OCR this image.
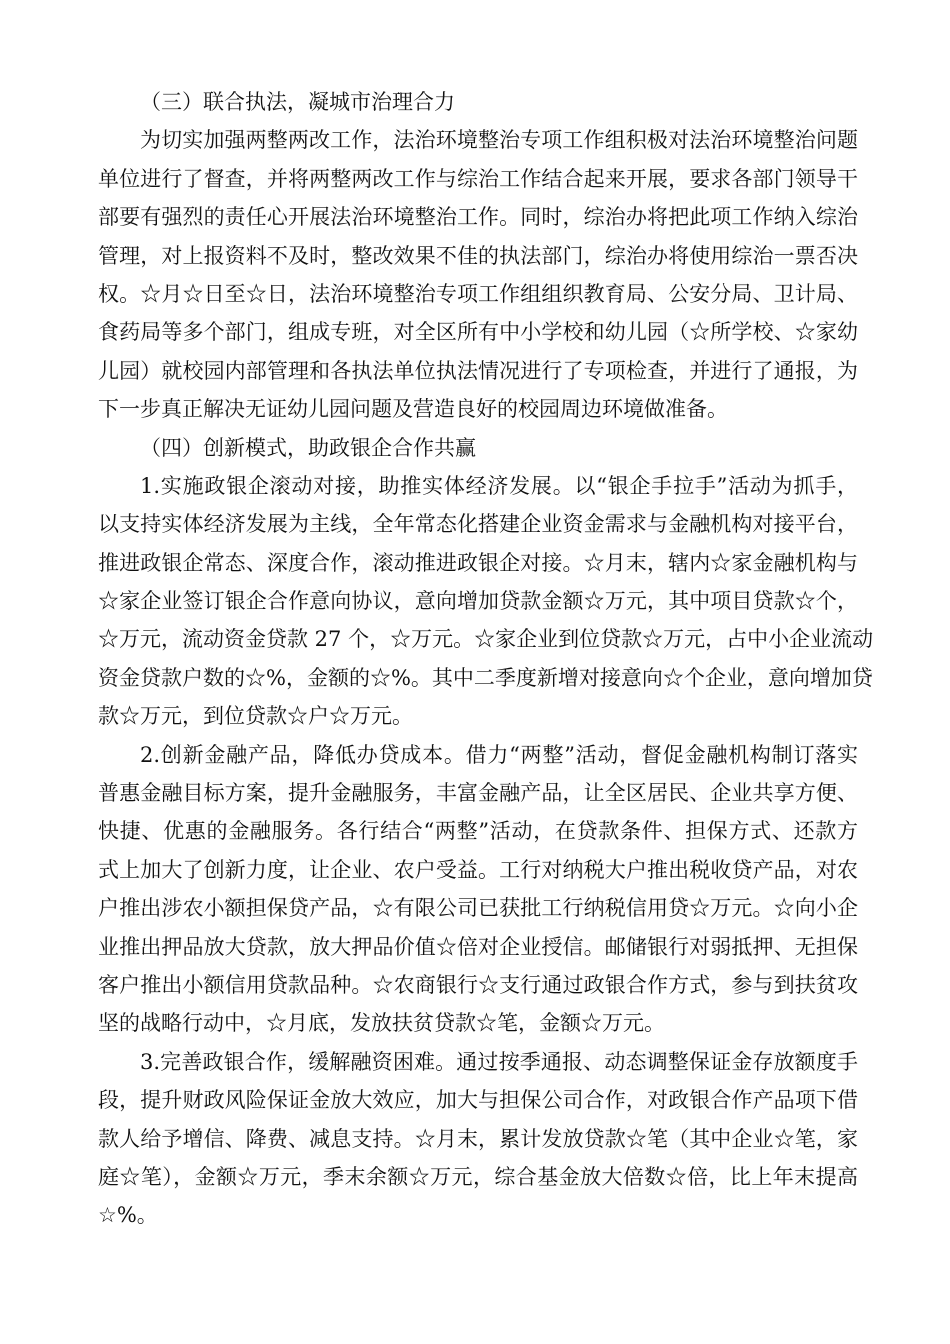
（三）联合执法，凝城市治理合力
为切实加强两整两改工作，法治环境整治专项工作组积极对法治环境整治问题
单位进行了督查，并将两整两改工作与综治工作结合起来开展，要求各部门领导干
部要有强烈的责任心开展法治环境整治工作。同时，综治办将把此项工作纳入综治
管理，对上报资料不及时，整改效果不佳的执法部门，综治办将使用综治一票否决
权。☆月☆日至☆日，法治环境整治专项工作组组织教育局、公安分局、卫计局、
食药局等多个部门，组成专班，对全区所有中小学校和幼儿园（☆所学校、☆家幼
儿园）就校园内部管理和各执法单位执法情况进行了专项检查，并进行了通报，为
下一步真正解决无证幼儿园问题及营造良好的校园周边环境做准备。
（四）创新模式，助政银企合作共赢
1.实施政银企滚动对接，助推实体经济发展。以“银企手拉手”活动为抓手，
以支持实体经济发展为主线，全年常态化搭建企业资金需求与金融机构对接平台，
推进政银企常态、深度合作，滚动推进政银企对接。☆月末，辖内☆家金融机构与
☆家企业签订银企合作意向协议，意向增加贷款金额☆万元，其中项目贷款☆个，
☆万元，流动资金贷款 27 个，☆万元。☆家企业到位贷款☆万元，占中小企业流动
资金贷款户数的☆%，金额的☆%。其中二季度新增对接意向☆个企业，意向增加贷
款☆万元，到位贷款☆户☆万元。
2.创新金融产品，降低办贷成本。借力“两整”活动，督促金融机构制订落实
普惠金融目标方案，提升金融服务，丰富金融产品，让全区居民、企业共享方便、
快捷、优惠的金融服务。各行结合“两整”活动，在贷款条件、担保方式、还款方
式上加大了创新力度，让企业、农户受益。工行对纳税大户推出税收贷产品，对农
户推出涉农小额担保贷产品，☆有限公司已获批工行纳税信用贷☆万元。☆向小企
业推出押品放大贷款，放大押品价值☆倍对企业授信。邮储银行对弱抵押、无担保
客户推出小额信用贷款品种。☆农商银行☆支行通过政银合作方式，参与到扶贫攻
坚的战略行动中，☆月底，发放扶贫贷款☆笔，金额☆万元。
3.完善政银合作，缓解融资困难。通过按季通报、动态调整保证金存放额度手
段，提升财政风险保证金放大效应，加大与担保公司合作，对政银合作产品项下借
款人给予增信、降费、减息支持。☆月末，累计发放贷款☆笔（其中企业☆笔，家
庭☆笔），金额☆万元，季末余额☆万元，综合基金放大倍数☆倍，比上年末提高
☆%。
